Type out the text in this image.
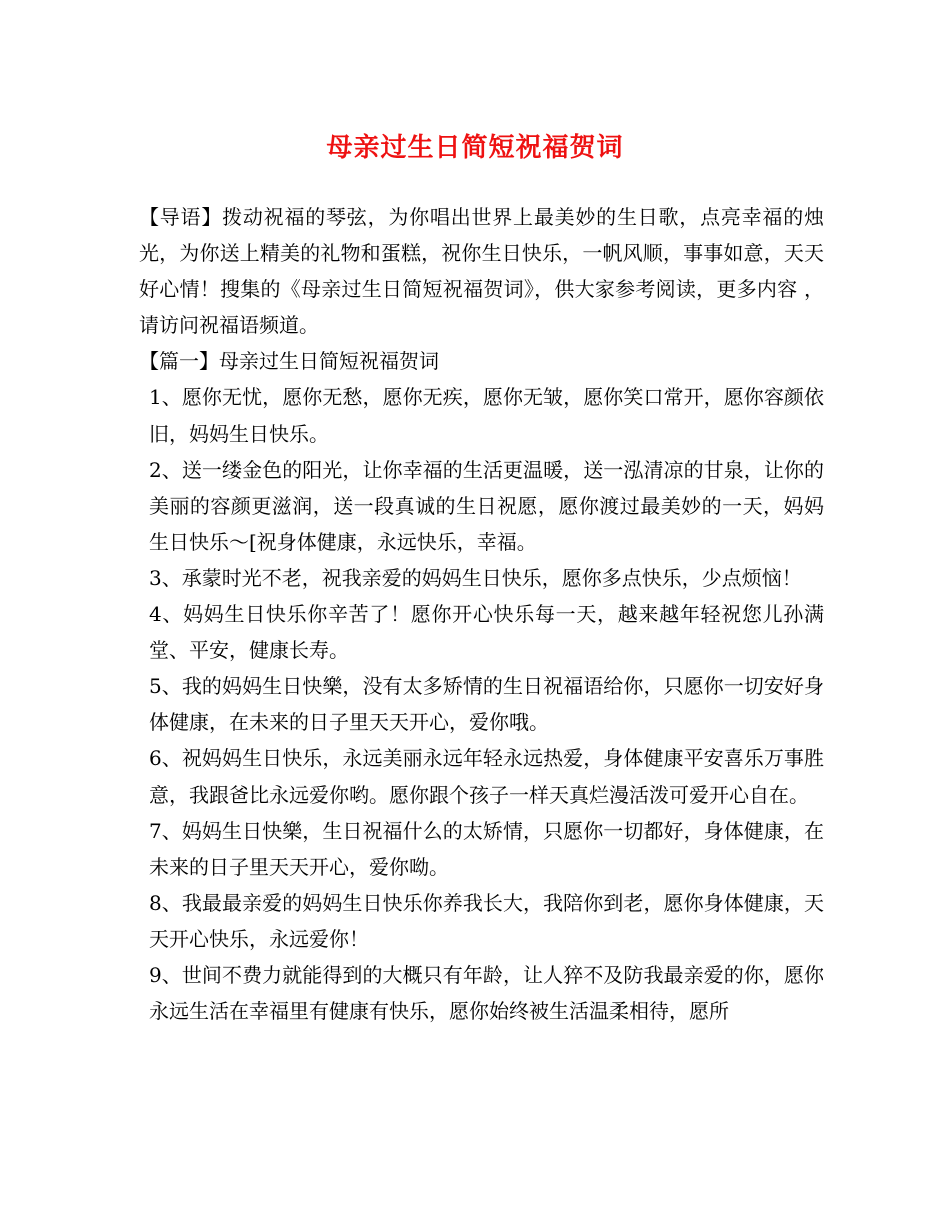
母亲过生日简短祝福贺词

【导语】拨动祝福的琴弦，为你唱出世界上最美妙的生日歌，点亮幸福的烛光，为你送上精美的礼物和蛋糕，祝你生日快乐，一帆风顺，事事如意，天天好心情！搜集的《母亲过生日简短祝福贺词》，供大家参考阅读，更多内容 ，请访问祝福语频道。

【篇一】母亲过生日简短祝福贺词

1、愿你无忧，愿你无愁，愿你无疾，愿你无皱，愿你笑口常开，愿你容颜依旧，妈妈生日快乐。

2、送一缕金色的阳光，让你幸福的生活更温暖，送一泓清凉的甘泉，让你的美丽的容颜更滋润，送一段真诚的生日祝愿，愿你渡过最美妙的一天，妈妈生日快乐～[祝身体健康，永远快乐，幸福。

3、承蒙时光不老，祝我亲爱的妈妈生日快乐，愿你多点快乐，少点烦恼！

4、妈妈生日快乐你辛苦了！愿你开心快乐每一天，越来越年轻祝您儿孙满堂、平安，健康长寿。

5、我的妈妈生日快樂，没有太多矫情的生日祝福语给你，只愿你一切安好身体健康，在未来的日子里天天开心，爱你哦。

6、祝妈妈生日快乐，永远美丽永远年轻永远热爱，身体健康平安喜乐万事胜意，我跟爸比永远爱你哟。愿你跟个孩子一样天真烂漫活泼可爱开心自在。

7、妈妈生日快樂，生日祝福什么的太矫情，只愿你一切都好，身体健康，在未来的日子里天天开心，爱你呦。

8、我最最亲爱的妈妈生日快乐你养我长大，我陪你到老，愿你身体健康，天天开心快乐，永远爱你！

9、世间不费力就能得到的大概只有年龄，让人猝不及防我最亲爱的你，愿你永远生活在幸福里有健康有快乐，愿你始终被生活温柔相待，愿所
